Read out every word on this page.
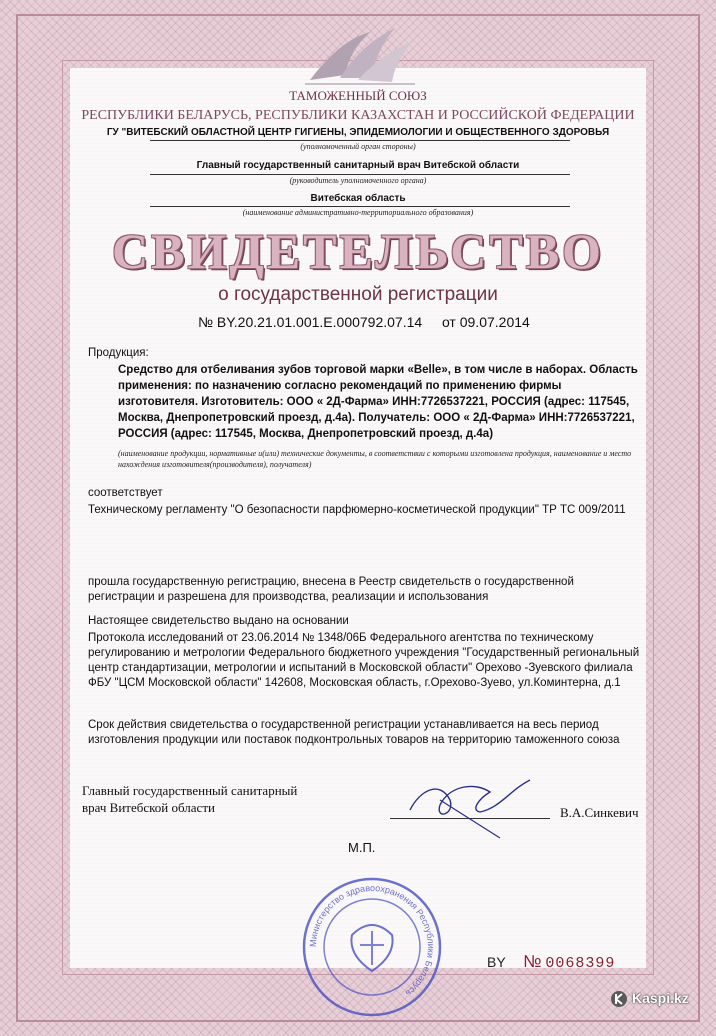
ТАМОЖЕННЫЙ СОЮЗ
РЕСПУБЛИКИ БЕЛАРУСЬ, РЕСПУБЛИКИ КАЗАХСТАН И РОССИЙСКОЙ ФЕДЕРАЦИИ
ГУ "ВИТЕБСКИЙ ОБЛАСТНОЙ ЦЕНТР ГИГИЕНЫ, ЭПИДЕМИОЛОГИИ И ОБЩЕСТВЕННОГО ЗДОРОВЬЯ
(уполномоченный орган стороны)
Главный государственный санитарный врач Витебской области
(руководитель уполномоченного органа)
Витебская область
(наименование административно-территориального образования)
СВИДЕТЕЛЬСТВО
о государственной регистрации
№ BY.20.21.01.001.Е.000792.07.14 от 09.07.2014
Продукция:
Средство для отбеливания зубов торговой марки «Belle», в том числе в наборах. Область применения: по назначению согласно рекомендаций по применению фирмы изготовителя. Изготовитель: ООО « 2Д-Фарма» ИНН:7726537221, РОССИЯ (адрес: 117545, Москва, Днепропетровский проезд, д.4а). Получатель: ООО « 2Д-Фарма» ИНН:7726537221, РОССИЯ (адрес: 117545, Москва, Днепропетровский проезд, д.4а)
(наименование продукции, нормативные и(или) технические документы, в соответствии с которыми изготовлена продукция, наименование и место нахождения изготовителя(производителя), получателя)
соответствует
Техническому регламенту "О безопасности парфюмерно-косметической продукции" ТР ТС 009/2011
прошла государственную регистрацию, внесена в Реестр свидетельств о государственной регистрации и разрешена для производства, реализации и использования
Настоящее свидетельство выдано на основании
Протокола исследований от 23.06.2014 № 1348/06Б Федерального агентства по техническому регулированию и метрологии Федерального бюджетного учреждения "Государственный региональный центр стандартизации, метрологии и испытаний в Московской области" Орехово -Зуевского филиала ФБУ "ЦСМ Московской области" 142608, Московская область, г.Орехово-Зуево, ул.Коминтерна, д.1
Срок действия свидетельства о государственной регистрации устанавливается на весь период изготовления продукции или поставок подконтрольных товаров на территорию таможенного союза
Главный государственный санитарный
врач Витебской области	В.А.Синкевич
М.П.
Министерство здравоохранения Республики Беларусь
BY № 0068399
Kaspi.kz
